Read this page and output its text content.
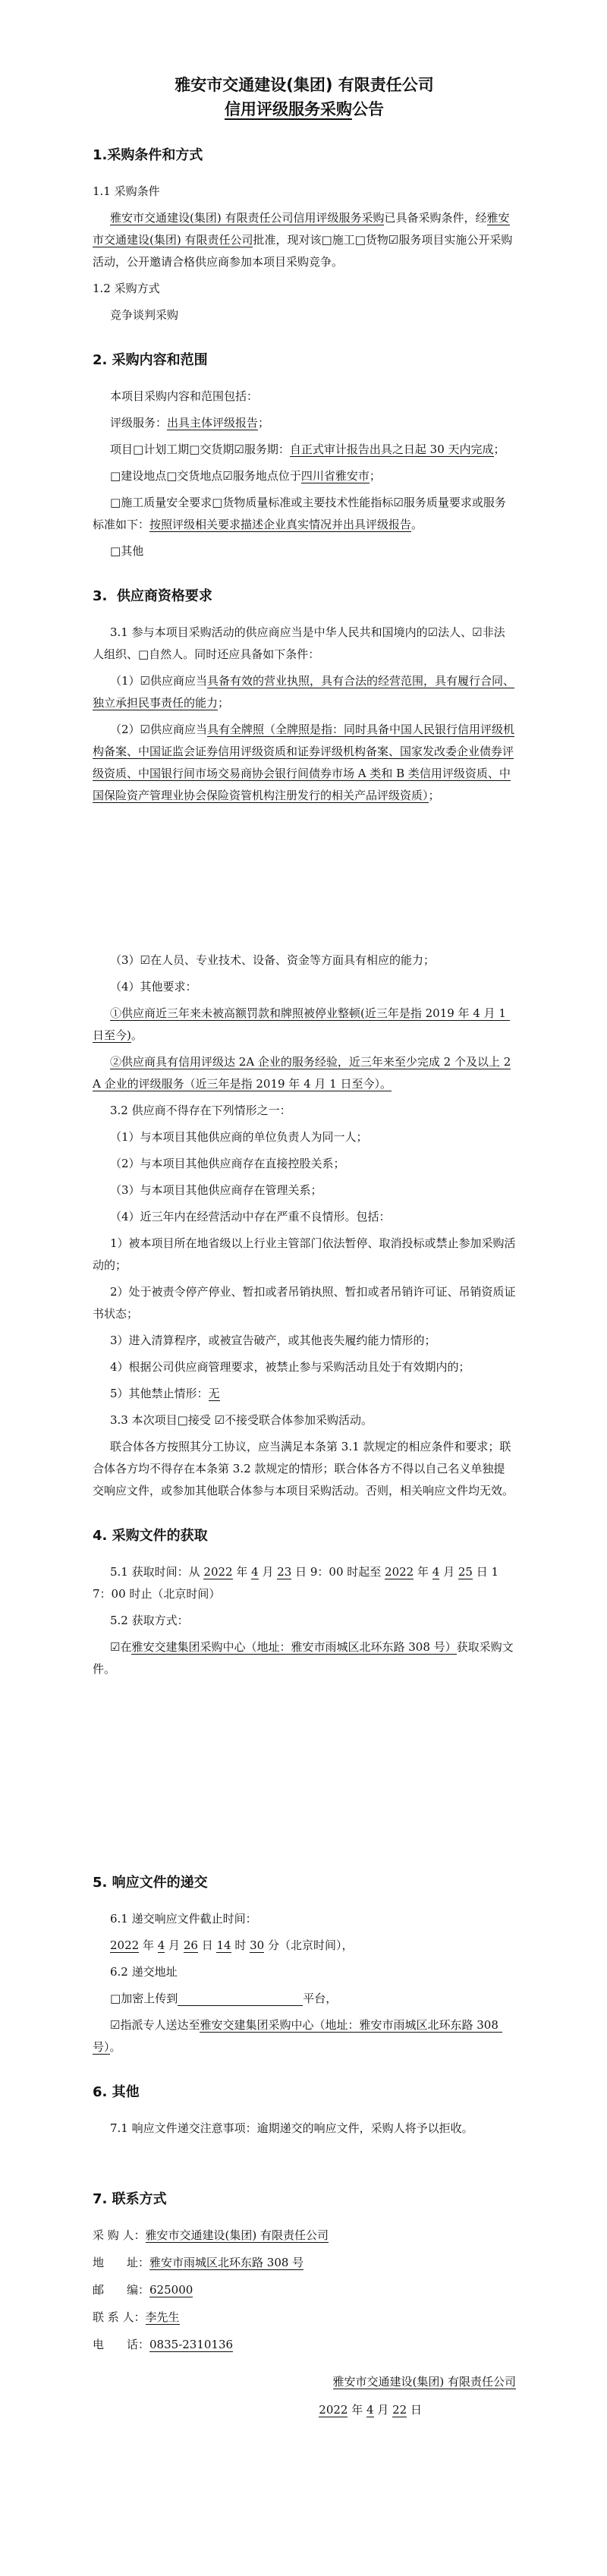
雅安市交通建设(集团) 有限责任公司
信用评级服务采购公告
1.采购条件和方式
1.1 采购条件
雅安市交通建设(集团) 有限责任公司信用评级服务采购已具备采购条件，经雅安市交通建设(集团) 有限责任公司批准，现对该□施工□货物☑服务项目实施公开采购活动，公开邀请合格供应商参加本项目采购竞争。
1.2 采购方式
竞争谈判采购
2. 采购内容和范围
本项目采购内容和范围包括：
评级服务：出具主体评级报告；
项目□计划工期□交货期☑服务期：自正式审计报告出具之日起 30 天内完成；
□建设地点□交货地点☑服务地点位于四川省雅安市；
□施工质量安全要求□货物质量标准或主要技术性能指标☑服务质量要求或服务标准如下：按照评级相关要求描述企业真实情况并出具评级报告。
□其他
3.  供应商资格要求
3.1 参与本项目采购活动的供应商应当是中华人民共和国境内的☑法人、☑非法人组织、□自然人。同时还应具备如下条件：
（1）☑供应商应当具备有效的营业执照，具有合法的经营范围，具有履行合同、独立承担民事责任的能力；
（2）☑供应商应当具有全牌照（全牌照是指：同时具备中国人民银行信用评级机构备案、中国证监会证券信用评级资质和证券评级机构备案、国家发改委企业债券评级资质、中国银行间市场交易商协会银行间债券市场 A 类和 B 类信用评级资质、中国保险资产管理业协会保险资管机构注册发行的相关产品评级资质）；
（3）☑在人员、专业技术、设备、资金等方面具有相应的能力；
（4）其他要求：
①供应商近三年来未被高额罚款和牌照被停业整顿(近三年是指 2019 年 4 月 1 日至今)。
②供应商具有信用评级达 2A 企业的服务经验，近三年来至少完成 2 个及以上 2A 企业的评级服务（近三年是指 2019 年 4 月 1 日至今）。
3.2 供应商不得存在下列情形之一：
（1）与本项目其他供应商的单位负责人为同一人；
（2）与本项目其他供应商存在直接控股关系；
（3）与本项目其他供应商存在管理关系；
（4）近三年内在经营活动中存在严重不良情形。包括：
1）被本项目所在地省级以上行业主管部门依法暂停、取消投标或禁止参加采购活动的；
2）处于被责令停产停业、暂扣或者吊销执照、暂扣或者吊销许可证、吊销资质证书状态；
3）进入清算程序，或被宣告破产，或其他丧失履约能力情形的；
4）根据公司供应商管理要求，被禁止参与采购活动且处于有效期内的；
5）其他禁止情形：无
3.3 本次项目□接受 ☑不接受联合体参加采购活动。
联合体各方按照其分工协议，应当满足本条第 3.1 款规定的相应条件和要求；联合体各方均不得存在本条第 3.2 款规定的情形；联合体各方不得以自己名义单独提交响应文件，或参加其他联合体参与本项目采购活动。否则，相关响应文件均无效。
4. 采购文件的获取
5.1 获取时间：从 2022 年 4 月 23 日 9：00 时起至 2022 年 4 月 25 日 17：00 时止（北京时间）
5.2 获取方式：
☑在雅安交建集团采购中心（地址：雅安市雨城区北环东路 308 号）获取采购文件。
5. 响应文件的递交
6.1 递交响应文件截止时间：
2022 年 4 月 26 日 14 时 30 分（北京时间），
6.2 递交地址
□加密上传到　　　　　　　　　　　	平台，
☑指派专人送达至雅安交建集团采购中心（地址：雅安市雨城区北环东路 308 号）。
6. 其他
7.1 响应文件递交注意事项：逾期递交的响应文件，采购人将予以拒收。
7. 联系方式
采 购 人：雅安市交通建设(集团) 有限责任公司
地　　址：雅安市雨城区北环东路 308 号
邮　　编：625000
联 系 人：李先生
电　　话：0835-2310136
雅安市交通建设(集团) 有限责任公司
2022 年 4 月 22 日
